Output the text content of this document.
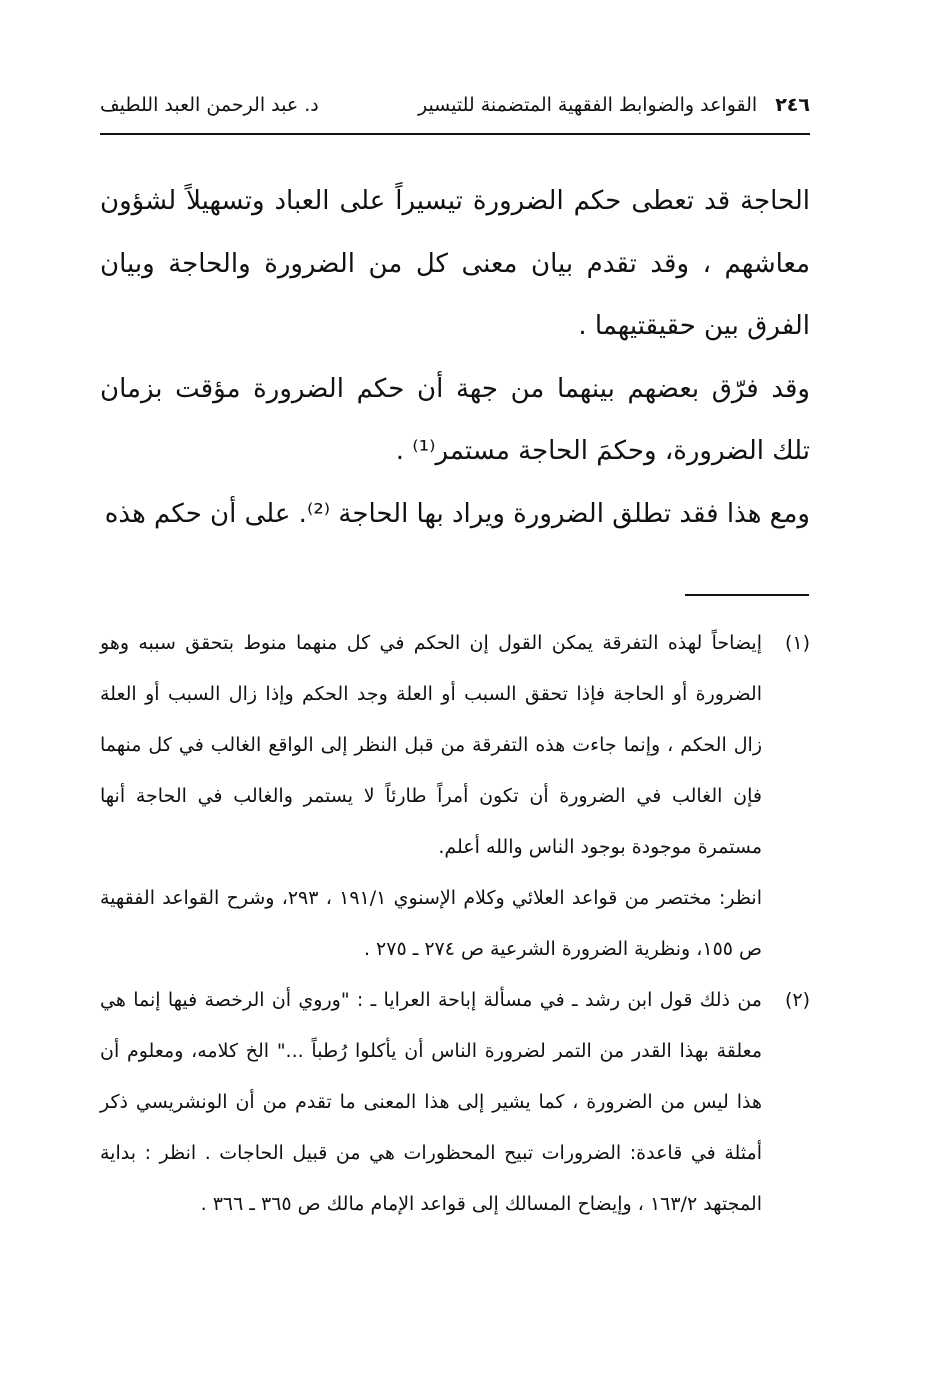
٢٤٦
القواعد والضوابط الفقهية المتضمنة للتيسير
د. عبد الرحمن العبد اللطيف

الحاجة قد تعطى حكم الضرورة تيسيراً على العباد وتسهيلاً لشؤون معاشهم ، وقد تقدم بيان معنى كل من الضرورة والحاجة وبيان الفرق بين حقيقتيهما .

وقد فرّق بعضهم بينهما من جهة أن حكم الضرورة مؤقت بزمان تلك الضرورة، وحكمَ الحاجة مستمر⁽¹⁾ .

ومع هذا فقد تطلق الضرورة ويراد بها الحاجة ⁽²⁾. على أن حكم هذه

(١)

إيضاحاً لهذه التفرقة يمكن القول إن الحكم في كل منهما منوط بتحقق سببه وهو الضرورة أو الحاجة فإذا تحقق السبب أو العلة وجد الحكم وإذا زال السبب أو العلة زال الحكم ، وإنما جاءت هذه التفرقة من قبل النظر إلى الواقع الغالب في كل منهما فإن الغالب في الضرورة أن تكون أمراً طارئاً لا يستمر والغالب في الحاجة أنها مستمرة موجودة بوجود الناس والله أعلم.

انظر: مختصر من قواعد العلائي وكلام الإسنوي ١٩١/١ ، ٢٩٣، وشرح القواعد الفقهية ص ١٥٥، ونظرية الضرورة الشرعية ص ٢٧٤ ـ ٢٧٥ .

(٢)

من ذلك قول ابن رشد ـ في مسألة إباحة العرايا ـ : "وروي أن الرخصة فيها إنما هي معلقة بهذا القدر من التمر لضرورة الناس أن يأكلوا رُطباً ..." الخ كلامه، ومعلوم أن هذا ليس من الضرورة ، كما يشير إلى هذا المعنى ما تقدم من أن الونشريسي ذكر أمثلة في قاعدة: الضرورات تبيح المحظورات هي من قبيل الحاجات . انظر : بداية المجتهد ١٦٣/٢ ، وإيضاح المسالك إلى قواعد الإمام مالك ص ٣٦٥ ـ ٣٦٦ .
